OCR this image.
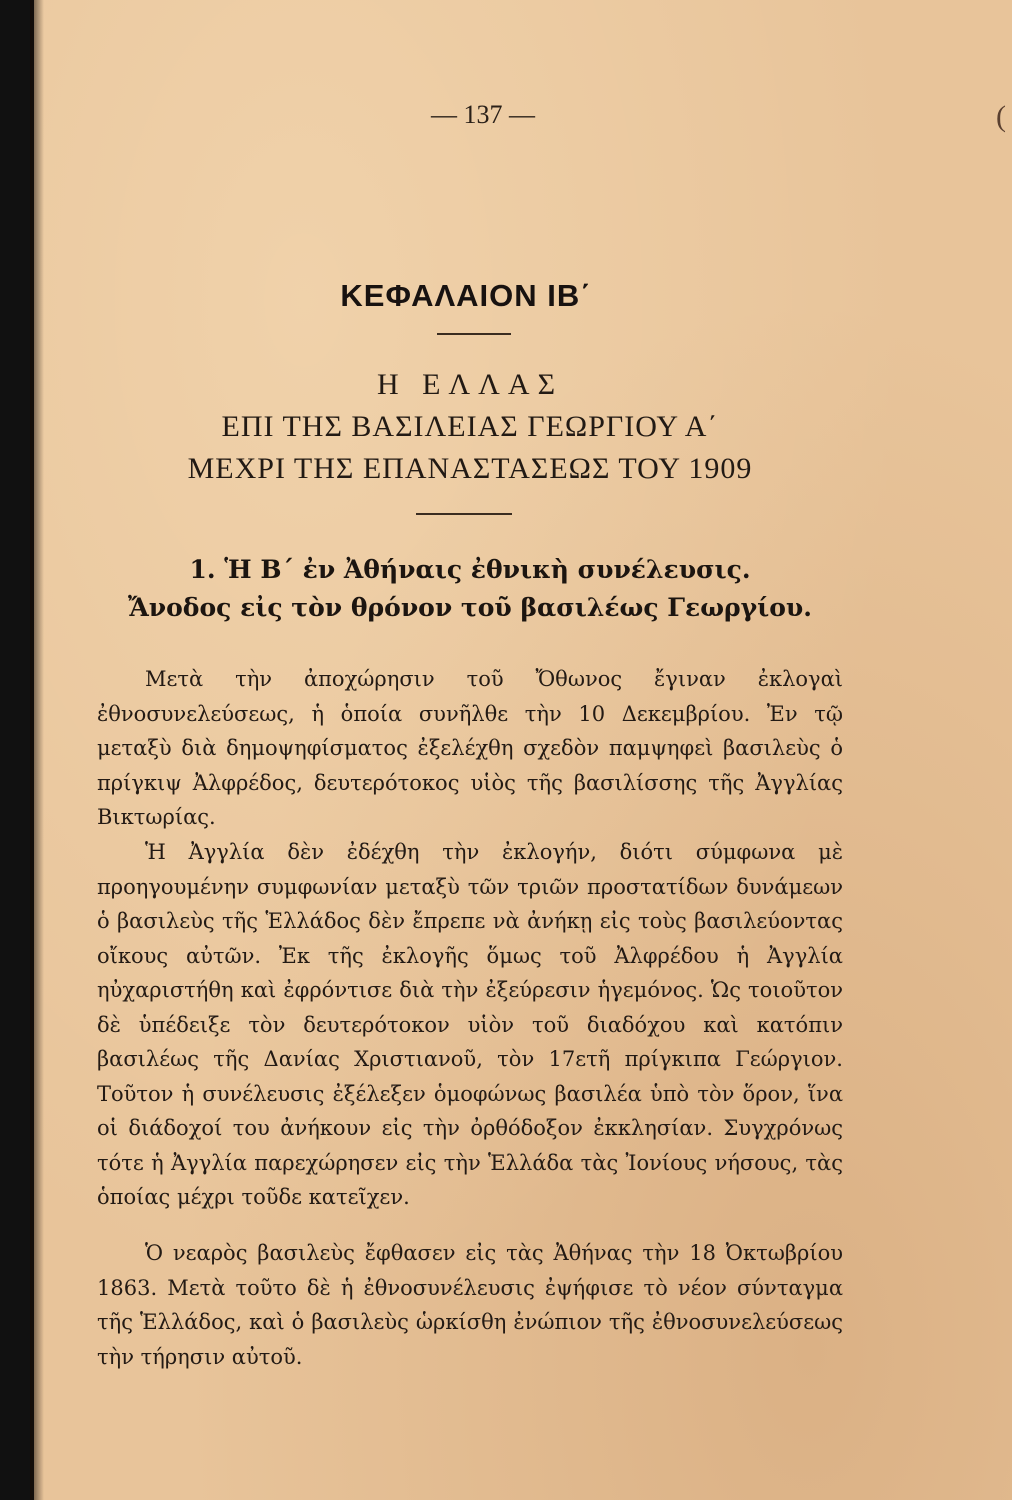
(
— 137 —
ΚΕΦΑΛΑΙΟΝ ΙΒ΄
Η ΕΛΛΑΣ
ΕΠΙ ΤΗΣ ΒΑΣΙΛΕΙΑΣ ΓΕΩΡΓΙΟΥ Α΄
ΜΕΧΡΙ ΤΗΣ ΕΠΑΝΑΣΤΑΣΕΩΣ ΤΟΥ 1909
1. Ἡ Β΄ ἐν Ἀθήναις ἐθνικὴ συνέλευσις.
Ἄνοδος εἰς τὸν θρόνον τοῦ βασιλέως Γεωργίου.

Μετὰ τὴν ἀποχώρησιν τοῦ Ὄθωνος ἔγιναν ἐκλογαὶ ἐθνοσυνελεύσεως, ἡ ὁποία συνῆλθε τὴν 10 Δεκεμβρίου. Ἐν τῷ μεταξὺ διὰ δημοψηφίσματος ἐξελέχθη σχεδὸν παμψηφεὶ βασιλεὺς ὁ πρίγκιψ Ἀλφρέδος, δευτερότοκος υἱὸς τῆς βασιλίσσης τῆς Ἀγγλίας Βικτωρίας.

Ἡ Ἀγγλία δὲν ἐδέχθη τὴν ἐκλογήν, διότι σύμφωνα μὲ προηγουμένην συμφωνίαν μεταξὺ τῶν τριῶν προστατίδων δυνάμεων ὁ βασιλεὺς τῆς Ἑλλάδος δὲν ἔπρεπε νὰ ἀνήκῃ εἰς τοὺς βασιλεύοντας οἴκους αὐτῶν. Ἐκ τῆς ἐκλογῆς ὅμως τοῦ Ἀλφρέδου ἡ Ἀγγλία ηὐχαριστήθη καὶ ἐφρόντισε διὰ τὴν ἐξεύρεσιν ἡγεμόνος. Ὡς τοιοῦτον δὲ ὑπέδειξε τὸν δευτερότοκον υἱὸν τοῦ διαδόχου καὶ κατόπιν βασιλέως τῆς Δανίας Χριστιανοῦ, τὸν 17ετῆ πρίγκιπα Γεώργιον. Τοῦτον ἡ συνέλευσις ἐξέλεξεν ὁμοφώνως βασιλέα ὑπὸ τὸν ὅρον, ἵνα οἱ διάδοχοί του ἀνήκουν εἰς τὴν ὀρθόδοξον ἐκκλησίαν. Συγχρόνως τότε ἡ Ἀγγλία παρεχώρησεν εἰς τὴν Ἑλλάδα τὰς Ἰονίους νήσους, τὰς ὁποίας μέχρι τοῦδε κατεῖχεν.

Ὁ νεαρὸς βασιλεὺς ἔφθασεν εἰς τὰς Ἀθήνας τὴν 18 Ὀκτωβρίου 1863. Μετὰ τοῦτο δὲ ἡ ἐθνοσυνέλευσις ἐψήφισε τὸ νέον σύνταγμα τῆς Ἑλλάδος, καὶ ὁ βασιλεὺς ὡρκίσθη ἐνώπιον τῆς ἐθνοσυνελεύσεως τὴν τήρησιν αὐτοῦ.
